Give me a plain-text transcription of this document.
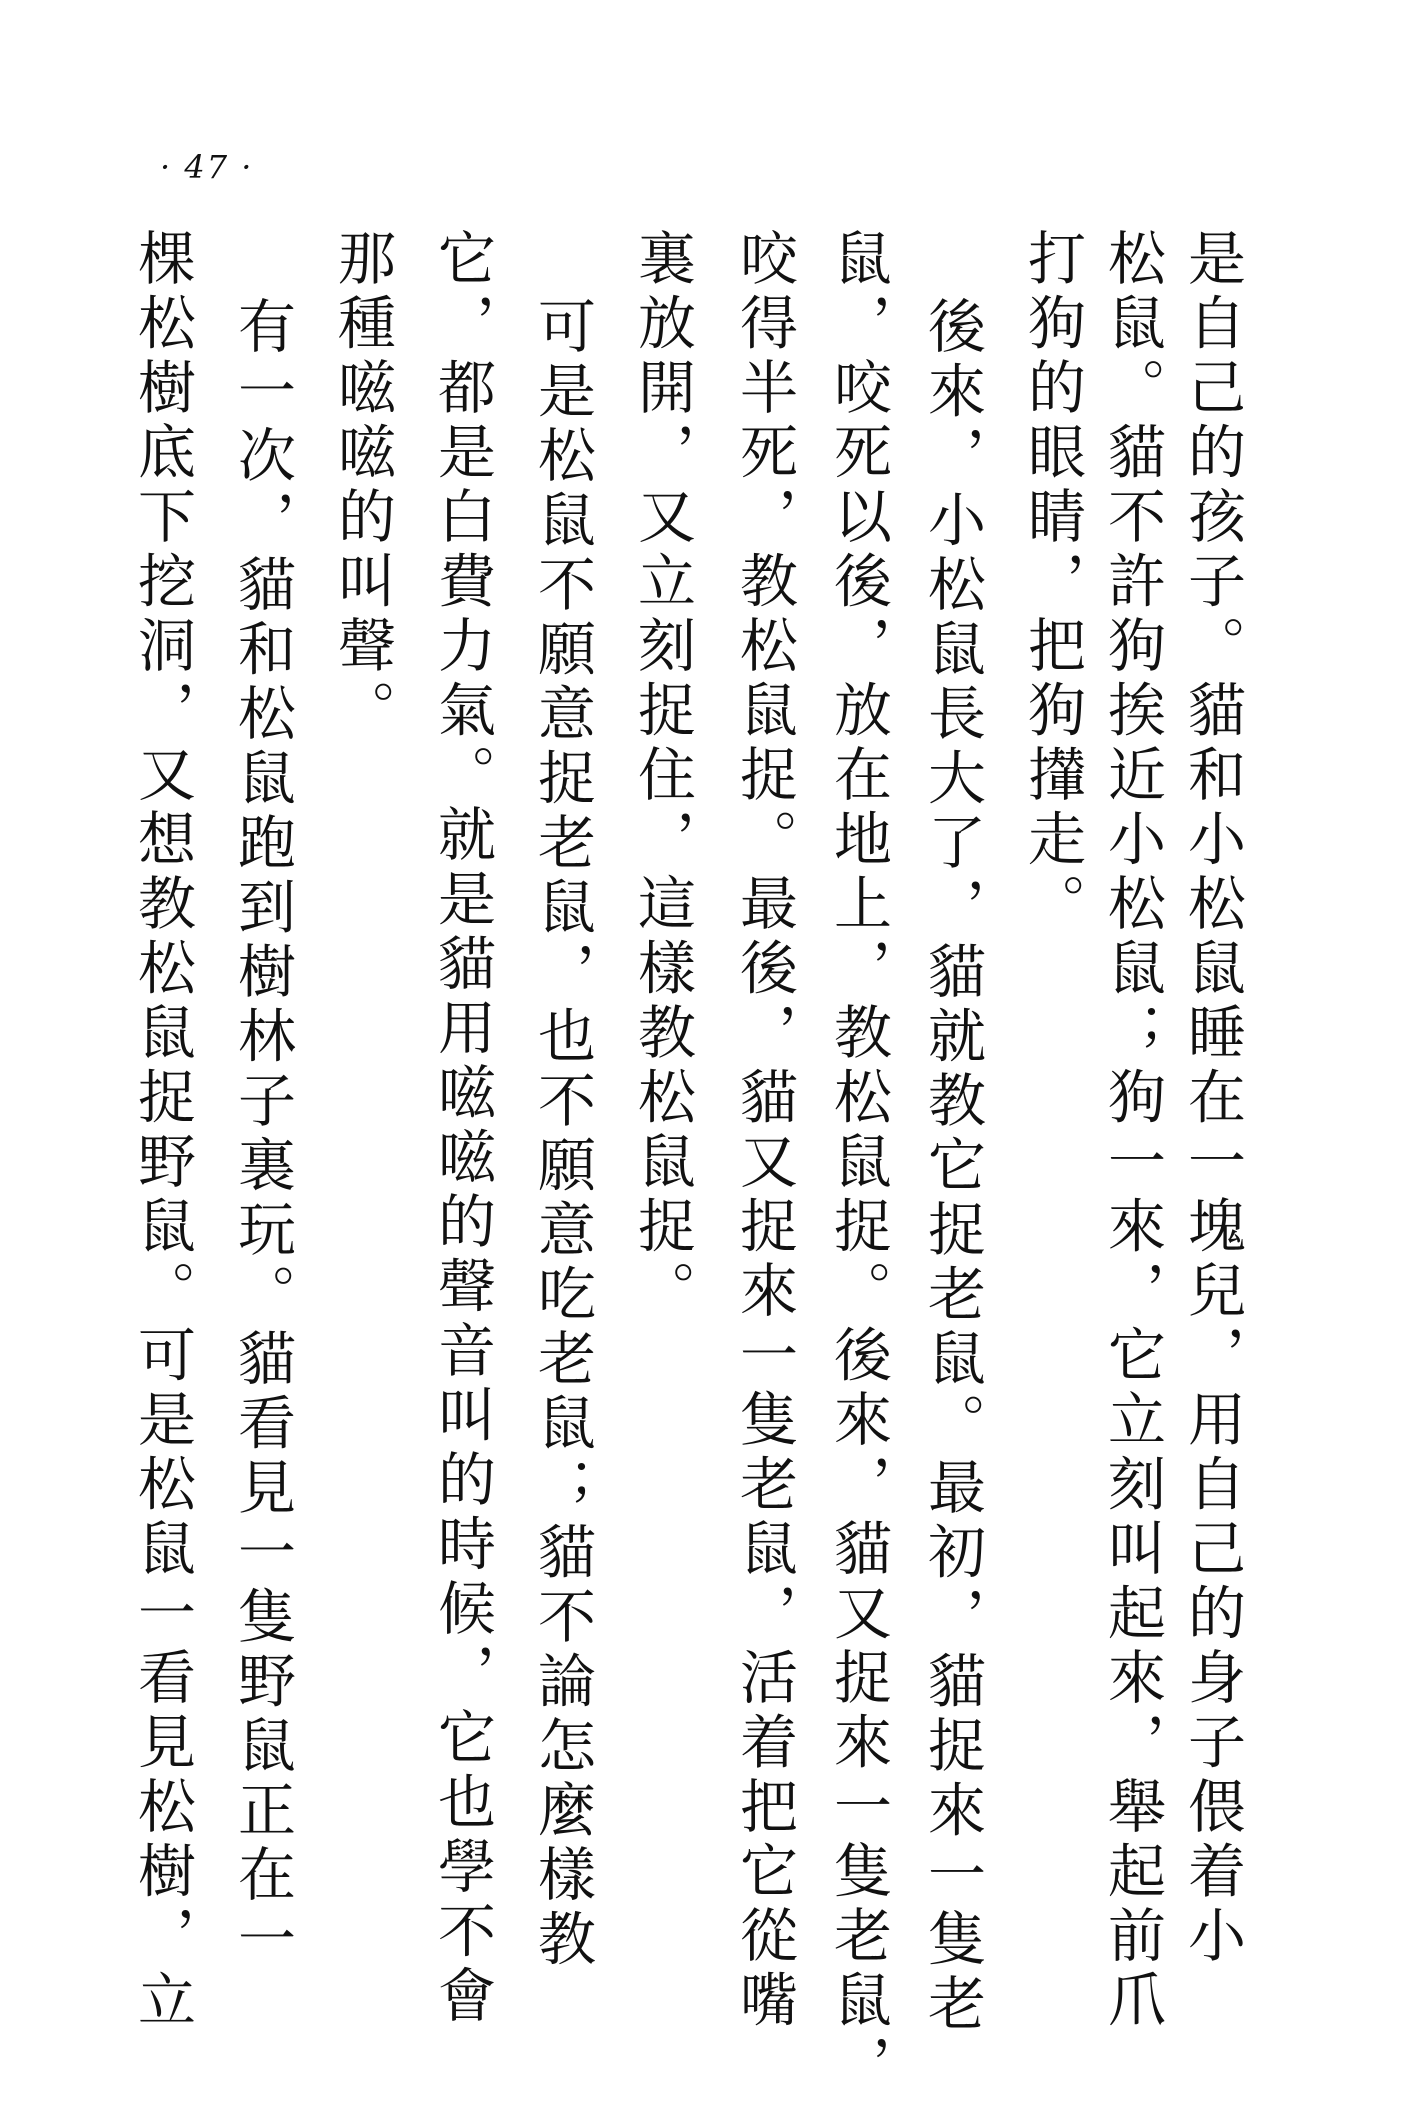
· 47 ·
是自己的孩子。貓和小松鼠睡在一塊兒，用自己的身子偎着小
松鼠。貓不許狗挨近小松鼠；狗一來，它立刻叫起來，舉起前爪
打狗的眼睛，把狗攆走。
後來，小松鼠長大了，貓就教它捉老鼠。最初，貓捉來一隻老
鼠，咬死以後，放在地上，教松鼠捉。後來，貓又捉來一隻老鼠，
咬得半死，教松鼠捉。最後，貓又捉來一隻老鼠，活着把它從嘴
裏放開，又立刻捉住，這樣教松鼠捉。
可是松鼠不願意捉老鼠，也不願意吃老鼠；貓不論怎麼樣教
它，都是白費力氣。
就是貓用嗞嗞的聲音叫的時候，它也學不會
那種嗞嗞的叫聲。
有一次，貓和松鼠跑到樹林子裏玩。貓看見一隻野鼠正在一
棵松樹底下挖洞，又想教松鼠捉野鼠。可是松鼠一看見松樹，立
